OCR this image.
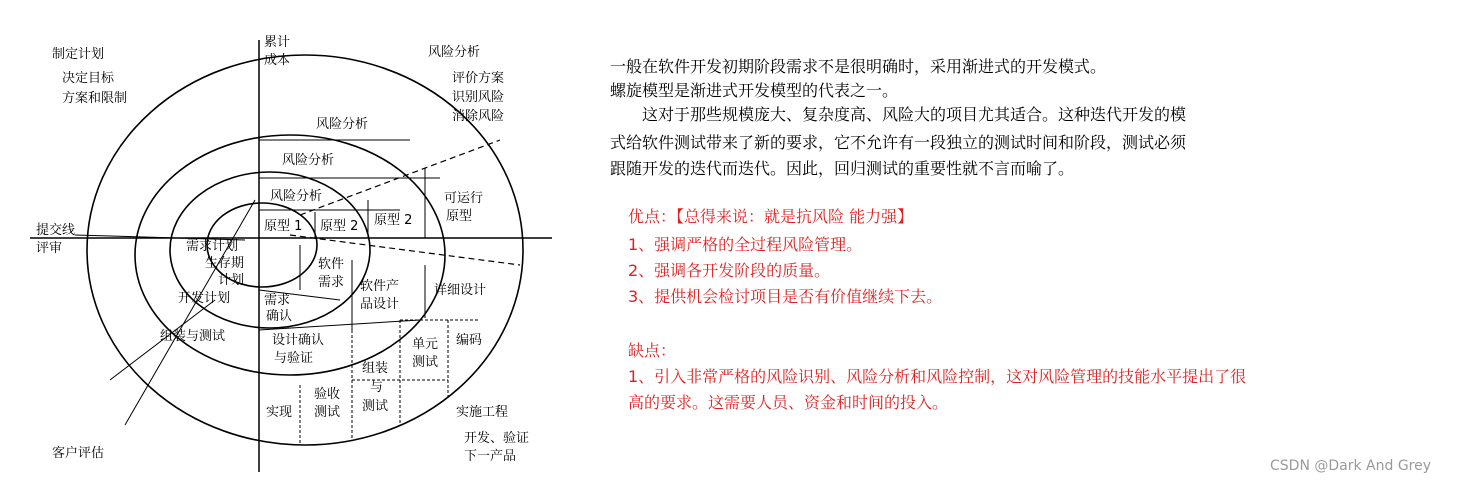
制定计划
决定目标
方案和限制
累计
成本
风险分析
评价方案
识别风险
消除风险
风险分析
风险分析
风险分析
原型 1 原型 2 原型 2
可运行
原型
提交线
评审	需求计划
生存期
计划
开发计划
组装与测试
软件
需求
需求
确认
软件产
品设计
设计确认
与验证
详细设计
单元
测试
编码
组装
与
测试
验收
测试
实现	实施工程
开发、验证
下一产品
客户评估

一般在软件开发初期阶段需求不是很明确时，采用渐进式的开发模式。

螺旋模型是渐进式开发模型的代表之一。

　　这对于那些规模庞大、复杂度高、风险大的项目尤其适合。这种迭代开发的模

式给软件测试带来了新的要求，它不允许有一段独立的测试时间和阶段，测试必须

跟随开发的迭代而迭代。因此，回归测试的重要性就不言而喻了。

优点：【总得来说：就是抗风险 能力强】

1、强调严格的全过程风险管理。

2、强调各开发阶段的质量。

3、提供机会检讨项目是否有价值继续下去。

缺点：

1、引入非常严格的风险识别、风险分析和风险控制，这对风险管理的技能水平提出了很

高的要求。这需要人员、资金和时间的投入。

CSDN @Dark And Grey
